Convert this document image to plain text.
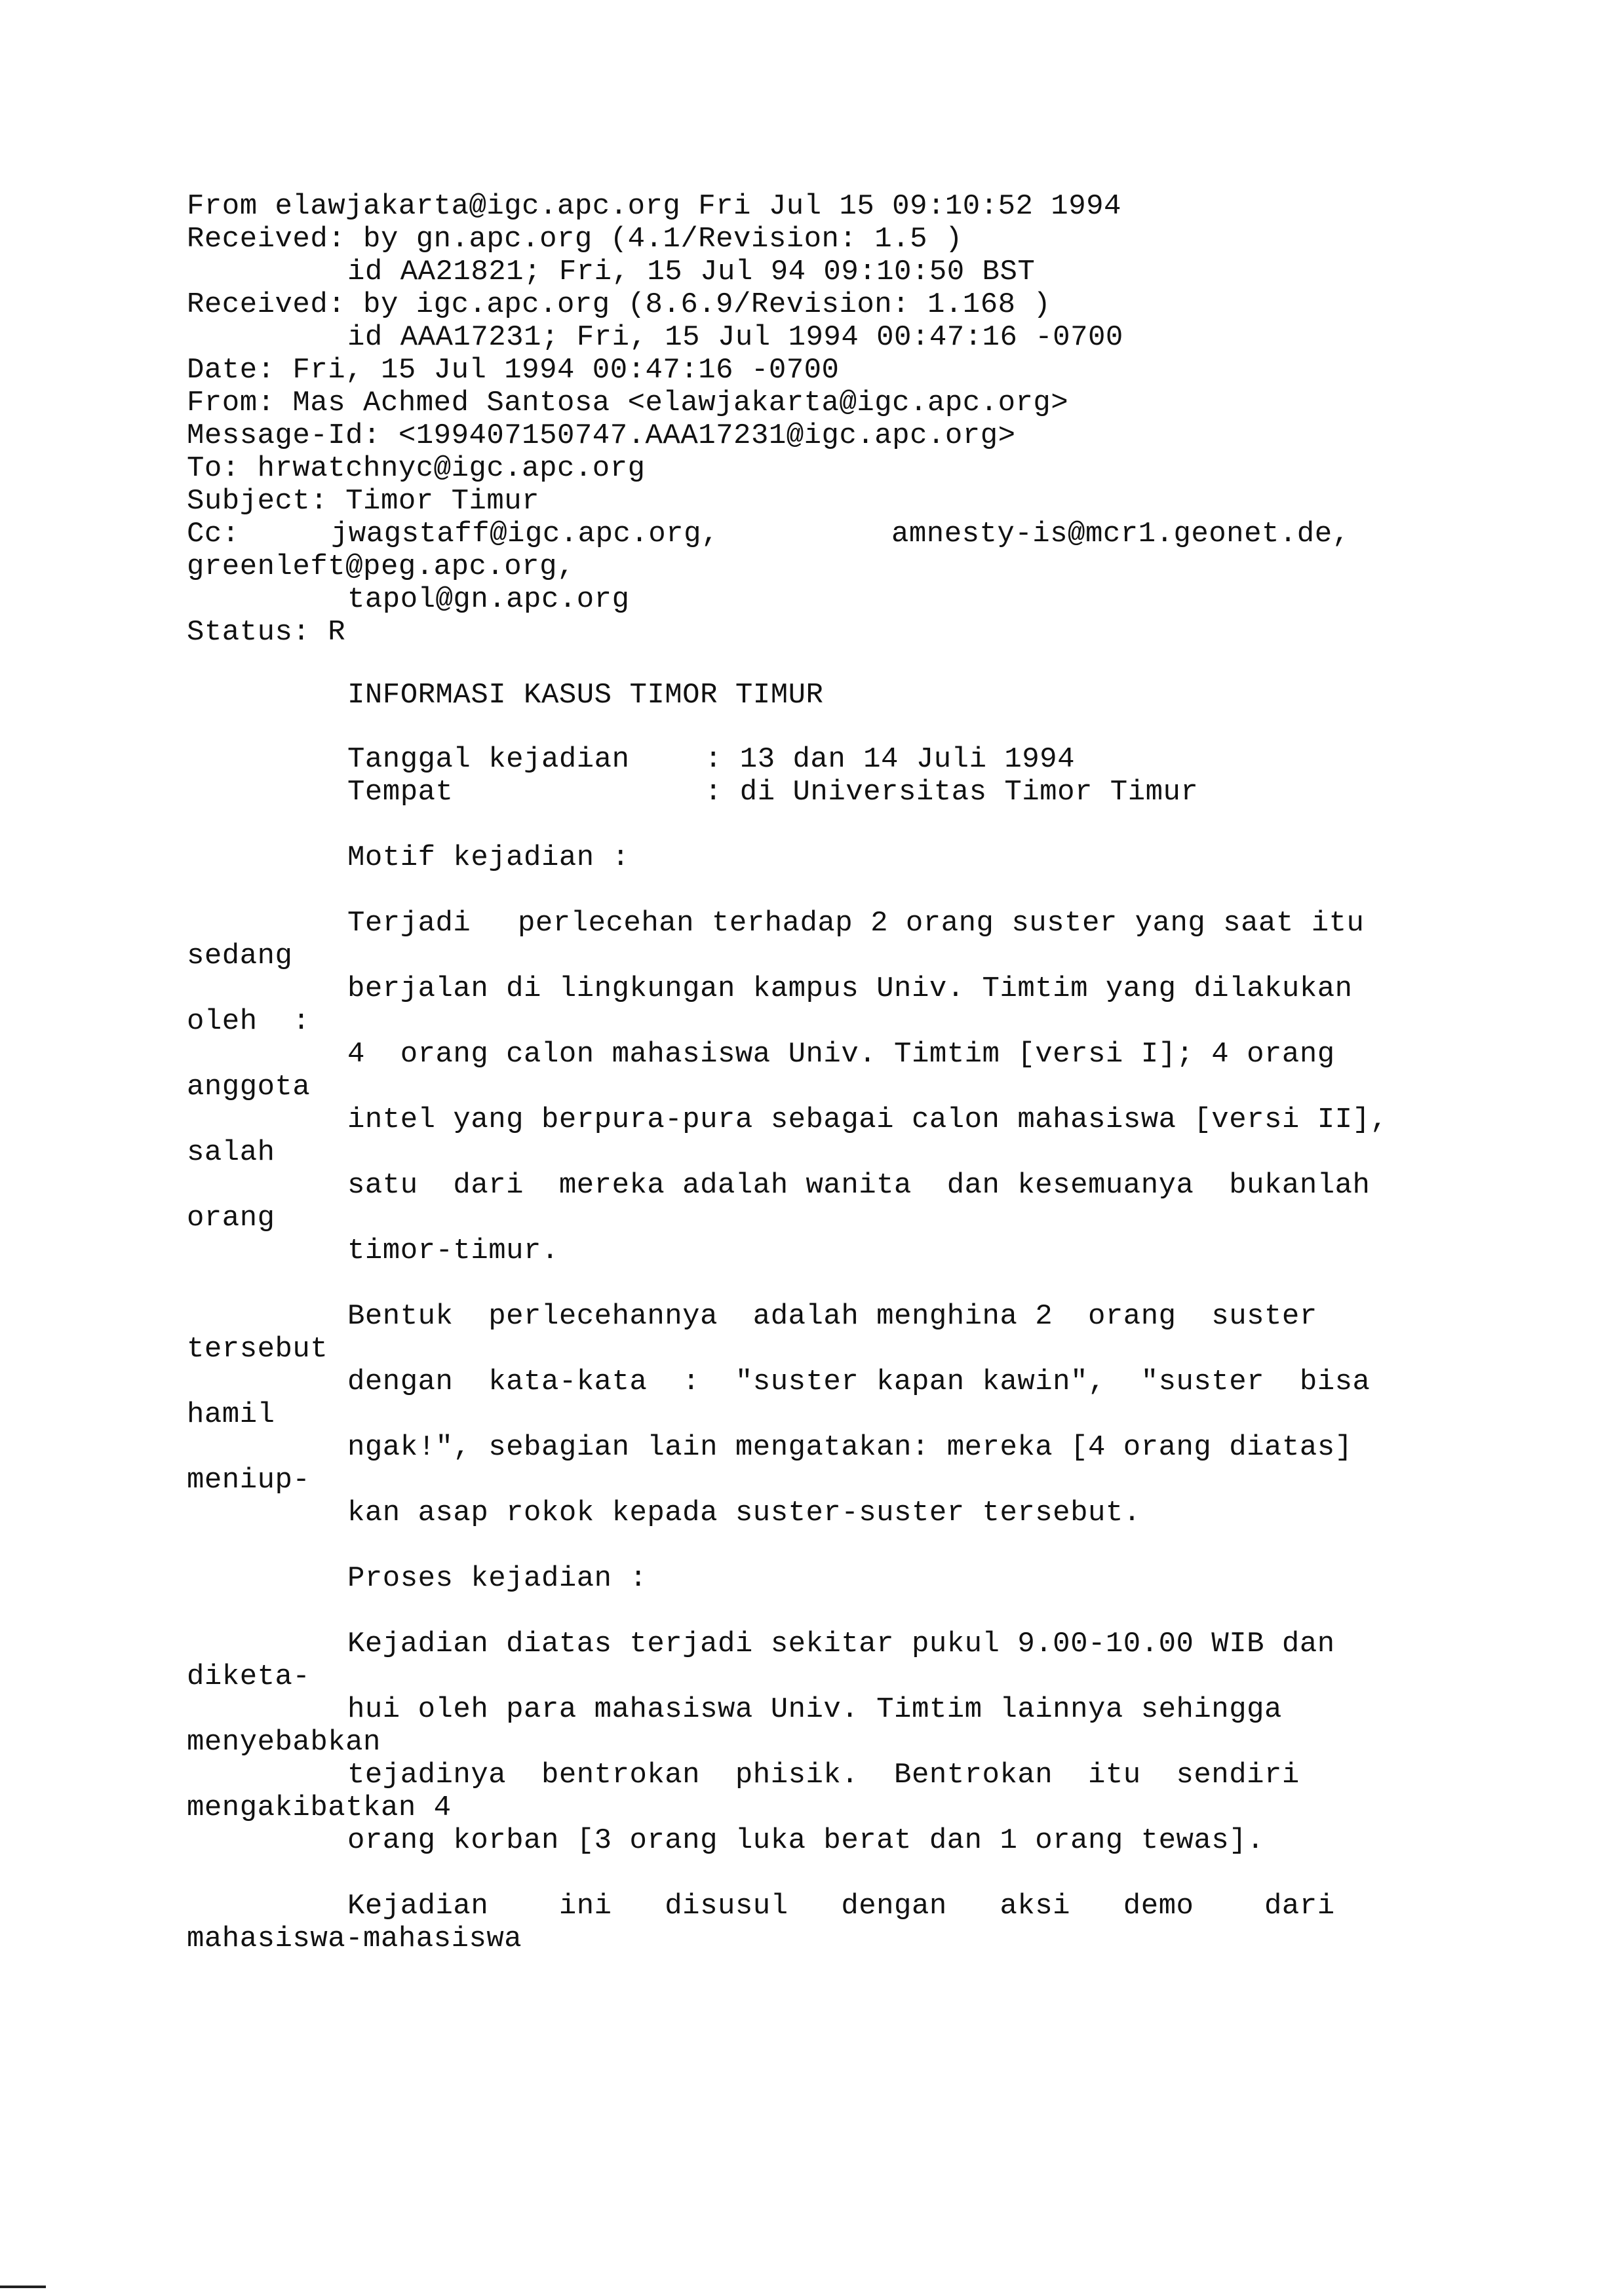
From elawjakarta@igc.apc.org Fri Jul 15 09:10:52 1994
Received: by gn.apc.org (4.1/Revision: 1.5 )
id AA21821; Fri, 15 Jul 94 09:10:50 BST
Received: by igc.apc.org (8.6.9/Revision: 1.168 )
id AAA17231; Fri, 15 Jul 1994 00:47:16 -0700
Date: Fri, 15 Jul 1994 00:47:16 -0700
From: Mas Achmed Santosa <elawjakarta@igc.apc.org>
Message-Id: <199407150747.AAA17231@igc.apc.org>
To: hrwatchnyc@igc.apc.org
Subject: Timor Timur
Cc:	jwagstaff@igc.apc.org,	amnesty-is@mcr1.geonet.de,
greenleft@peg.apc.org,
tapol@gn.apc.org
Status: R
INFORMASI KASUS TIMOR TIMUR
Tanggal kejadian	: 13 dan 14 Juli 1994
Tempat	: di Universitas Timor Timur
Motif kejadian :
Terjadi perlecehan terhadap 2 orang suster yang saat itu
sedang
berjalan di lingkungan kampus Univ. Timtim yang dilakukan
oleh  :
4  orang calon mahasiswa Univ. Timtim [versi I]; 4 orang
anggota
intel yang berpura-pura sebagai calon mahasiswa [versi II],
salah
satu  dari  mereka adalah wanita  dan kesemuanya  bukanlah
orang
timor-timur.
Bentuk  perlecehannya  adalah menghina 2  orang  suster
tersebut
dengan  kata-kata  :  "suster kapan kawin",  "suster  bisa
hamil
ngak!", sebagian lain mengatakan: mereka [4 orang diatas]
meniup-
kan asap rokok kepada suster-suster tersebut.
Proses kejadian :
Kejadian diatas terjadi sekitar pukul 9.00-10.00 WIB dan
diketa-
hui oleh para mahasiswa Univ. Timtim lainnya sehingga
menyebabkan
tejadinya  bentrokan  phisik.  Bentrokan  itu  sendiri
mengakibatkan 4
orang korban [3 orang luka berat dan 1 orang tewas].
Kejadian    ini   disusul   dengan   aksi   demo    dari
mahasiswa-mahasiswa
